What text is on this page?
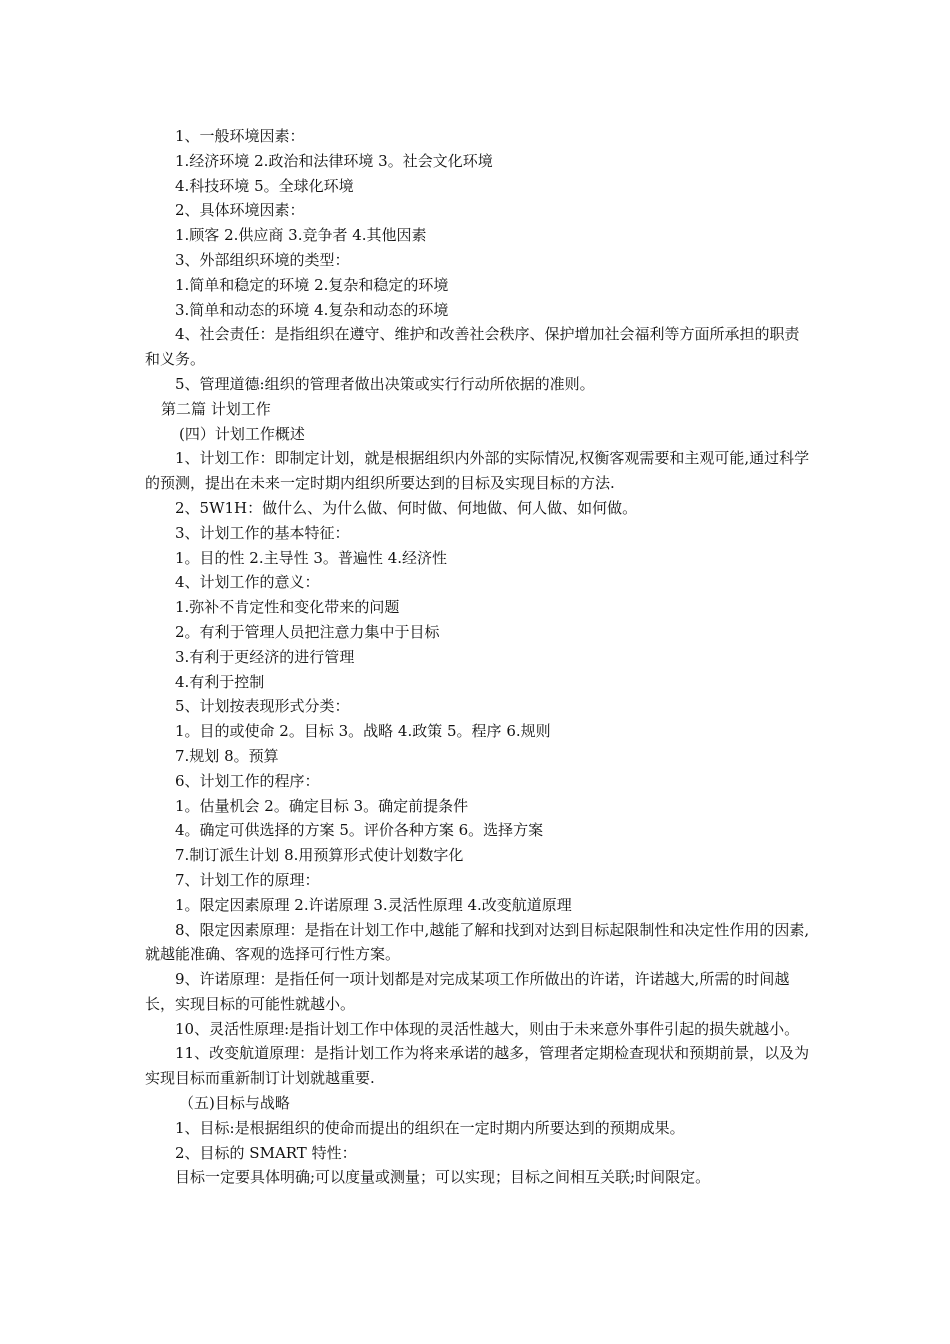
1、一般环境因素：

1.经济环境 2.政治和法律环境 3。社会文化环境

4.科技环境 5。全球化环境

2、具体环境因素：

1.顾客 2.供应商 3.竞争者 4.其他因素

3、外部组织环境的类型：

1.简单和稳定的环境 2.复杂和稳定的环境

3.简单和动态的环境 4.复杂和动态的环境

4、社会责任：是指组织在遵守、维护和改善社会秩序、保护增加社会福利等方面所承担的职责和义务。

5、管理道德:组织的管理者做出决策或实行行动所依据的准则。

第二篇 计划工作

(四）计划工作概述

1、计划工作：即制定计划，就是根据组织内外部的实际情况,权衡客观需要和主观可能,通过科学的预测，提出在未来一定时期内组织所要达到的目标及实现目标的方法.

2、5W1H：做什么、为什么做、何时做、何地做、何人做、如何做。

3、计划工作的基本特征：

1。目的性 2.主导性 3。普遍性 4.经济性

4、计划工作的意义：

1.弥补不肯定性和变化带来的问题

2。有利于管理人员把注意力集中于目标

3.有利于更经济的进行管理

4.有利于控制

5、计划按表现形式分类：

1。目的或使命 2。目标 3。战略 4.政策 5。程序 6.规则

7.规划 8。预算

6、计划工作的程序：

1。估量机会 2。确定目标 3。确定前提条件

4。确定可供选择的方案 5。评价各种方案 6。选择方案

7.制订派生计划 8.用预算形式使计划数字化

7、计划工作的原理：

1。限定因素原理 2.许诺原理 3.灵活性原理 4.改变航道原理

8、限定因素原理：是指在计划工作中,越能了解和找到对达到目标起限制性和决定性作用的因素,就越能准确、客观的选择可行性方案。

9、许诺原理：是指任何一项计划都是对完成某项工作所做出的许诺，许诺越大,所需的时间越长，实现目标的可能性就越小。

10、灵活性原理:是指计划工作中体现的灵活性越大，则由于未来意外事件引起的损失就越小。

11、改变航道原理：是指计划工作为将来承诺的越多，管理者定期检查现状和预期前景，以及为实现目标而重新制订计划就越重要.

（五)目标与战略

1、目标:是根据组织的使命而提出的组织在一定时期内所要达到的预期成果。

2、目标的 SMART 特性：

目标一定要具体明确;可以度量或测量；可以实现；目标之间相互关联;时间限定。
